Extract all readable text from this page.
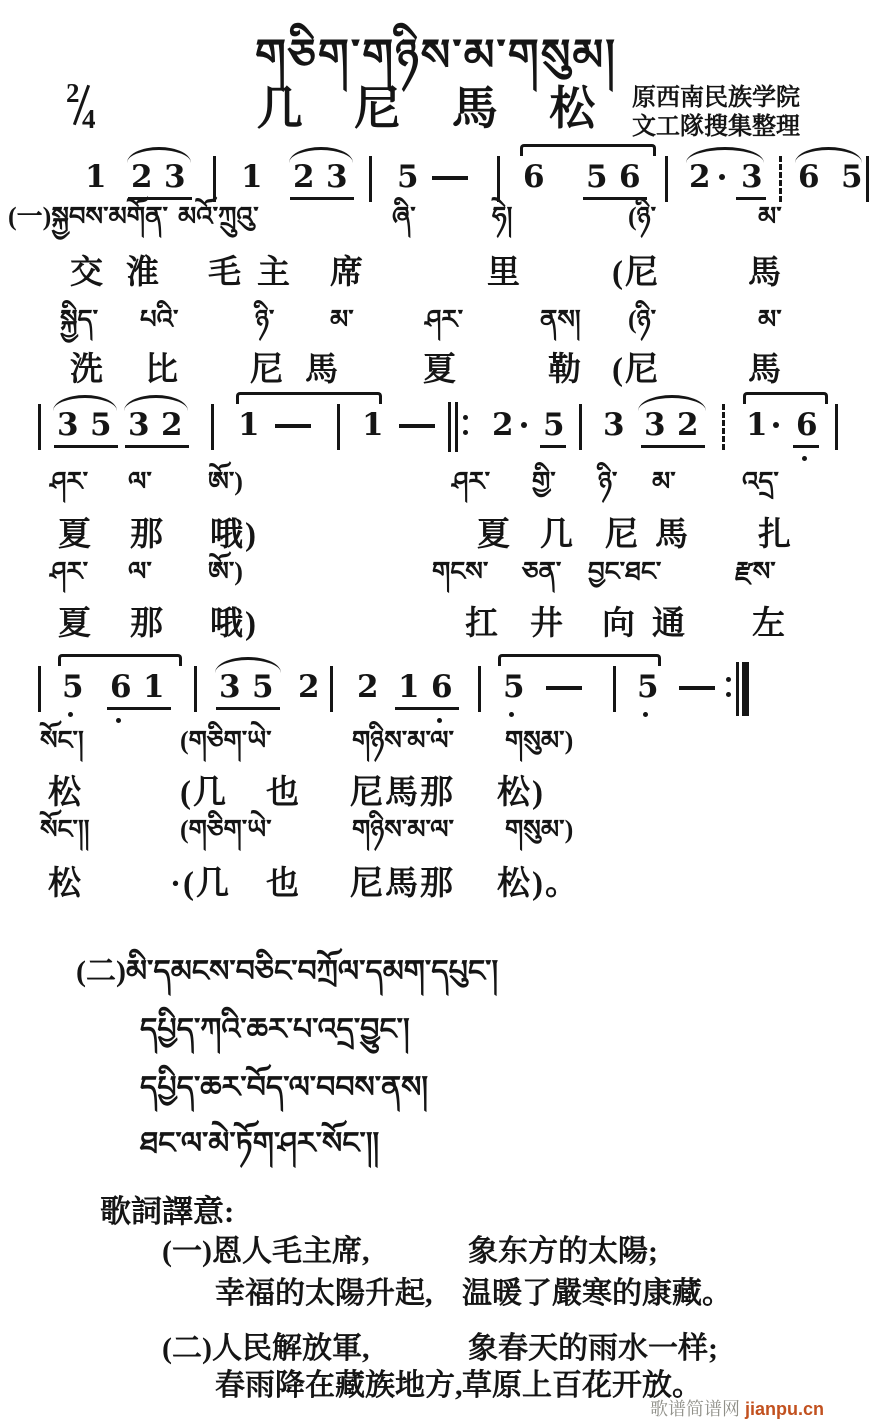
གཅིག་གཉིས་མ་གསུམ།
2
4	几 尼 馬 松 原西南民族学院
文工隊搜集整理
1 2 3 1 2 3 5	6 5 6 2 3 6 5
3 5 3 2 1	1	2 5 3 3 2 1 6
5 6 1 3 5 2 2 1 6 5	5
(一)སྐྱབས་མགོན་ མའོ་ཀྲུའུ་	ཞི་	ཧེ།	(ཉི་	མ་
交 淮 毛 主 席	里	(尼	馬
སྐྱིད་ པའི་	ཉི་ མ་	ཤར་	ནས། (ཉི་	མ་
洗 比 尼 馬	夏	勒 (尼	馬
ཤར་ ལ་ ཨོ་)	ཤར་ གྱི་ ཉི་ མ་	འདྲ་
夏 那 哦)	夏 几 尼 馬 扎
ཤར་ ལ་ ཨོ་)	གངས་ ཅན་ བྱང་ཐང་	རྫས་
夏 那 哦)	扛 井 向 通 左
སོང་།	(གཅིག་ཡེ་	གཉིས་མ་ལ་ གསུམ་)
松	(几 也 尼馬那 松)
སོང་།།	(གཅིག་ཡེ་	གཉིས་མ་ལ་ གསུམ་)
松	·(几 也 尼馬那 松)。
(二)མི་དམངས་བཅིང་བཀྲོལ་དམག་དཔུང་།
དཔྱིད་ཀའི་ཆར་པ་འདྲ་བྱུང་།
དཔྱིད་ཆར་བོད་ལ་བབས་ནས།
ཐང་ལ་མེ་ཏོག་ཤར་སོང་།།
歌詞譯意:
(一)恩人毛主席,	象东方的太陽;
幸福的太陽升起, 温暖了嚴寒的康藏。
(二)人民解放軍,	象春天的雨水一样;
春雨降在藏族地方, 草原上百花开放。
歌谱简谱网 jianpu.cn
